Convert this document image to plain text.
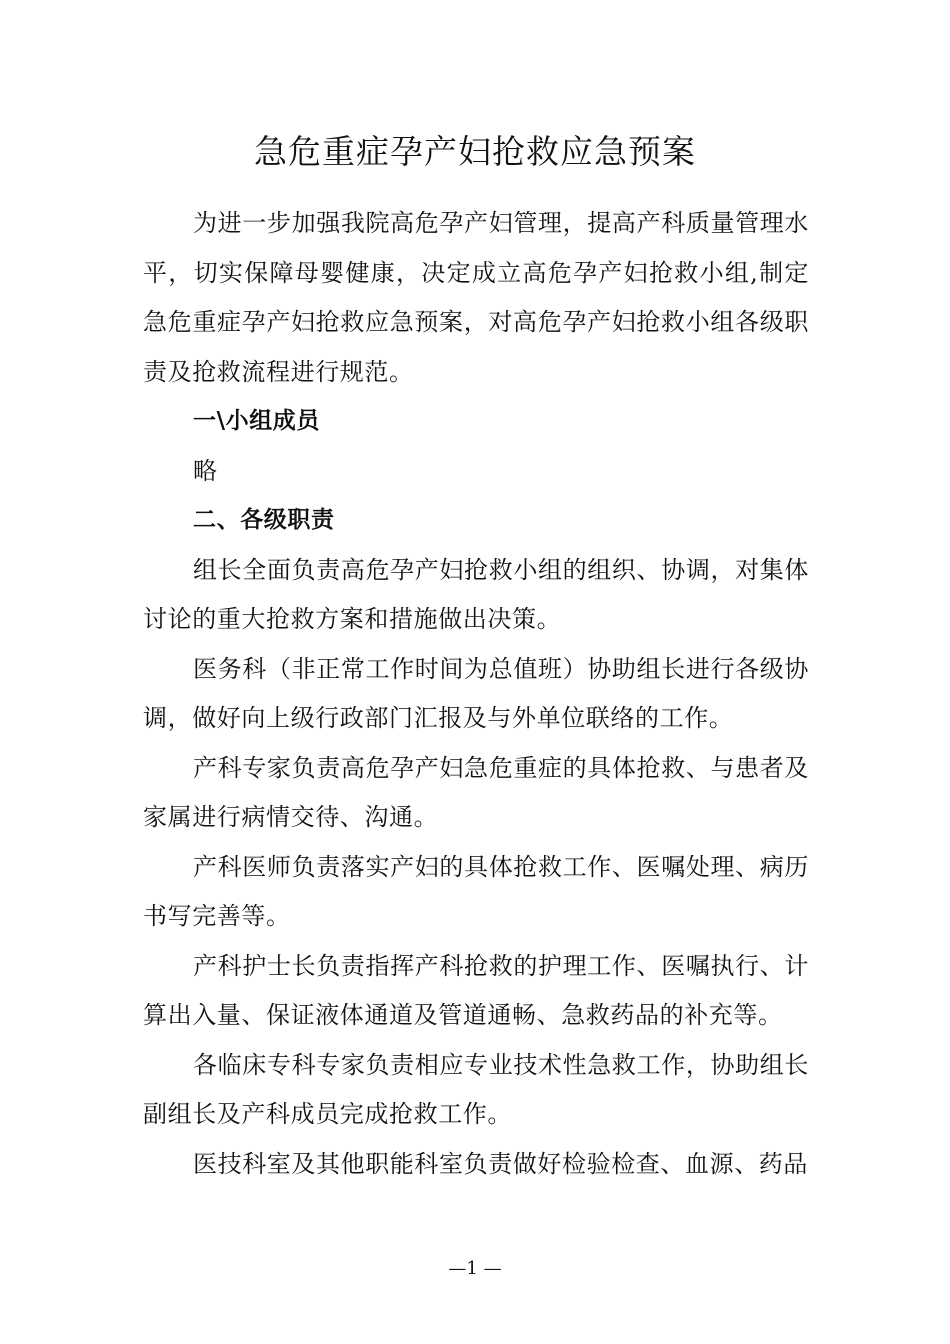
急危重症孕产妇抢救应急预案

为进一步加强我院高危孕产妇管理，提高产科质量管理水平，切实保障母婴健康，决定成立高危孕产妇抢救小组,制定急危重症孕产妇抢救应急预案，对高危孕产妇抢救小组各级职责及抢救流程进行规范。

一\小组成员

略

二、各级职责

组长全面负责高危孕产妇抢救小组的组织、协调，对集体讨论的重大抢救方案和措施做出决策。

医务科（非正常工作时间为总值班）协助组长进行各级协调，做好向上级行政部门汇报及与外单位联络的工作。

产科专家负责高危孕产妇急危重症的具体抢救、与患者及家属进行病情交待、沟通。

产科医师负责落实产妇的具体抢救工作、医嘱处理、病历书写完善等。

产科护士长负责指挥产科抢救的护理工作、医嘱执行、计算出入量、保证液体通道及管道通畅、急救药品的补充等。

各临床专科专家负责相应专业技术性急救工作，协助组长副组长及产科成员完成抢救工作。

医技科室及其他职能科室负责做好检验检查、血源、药品

—1 —
